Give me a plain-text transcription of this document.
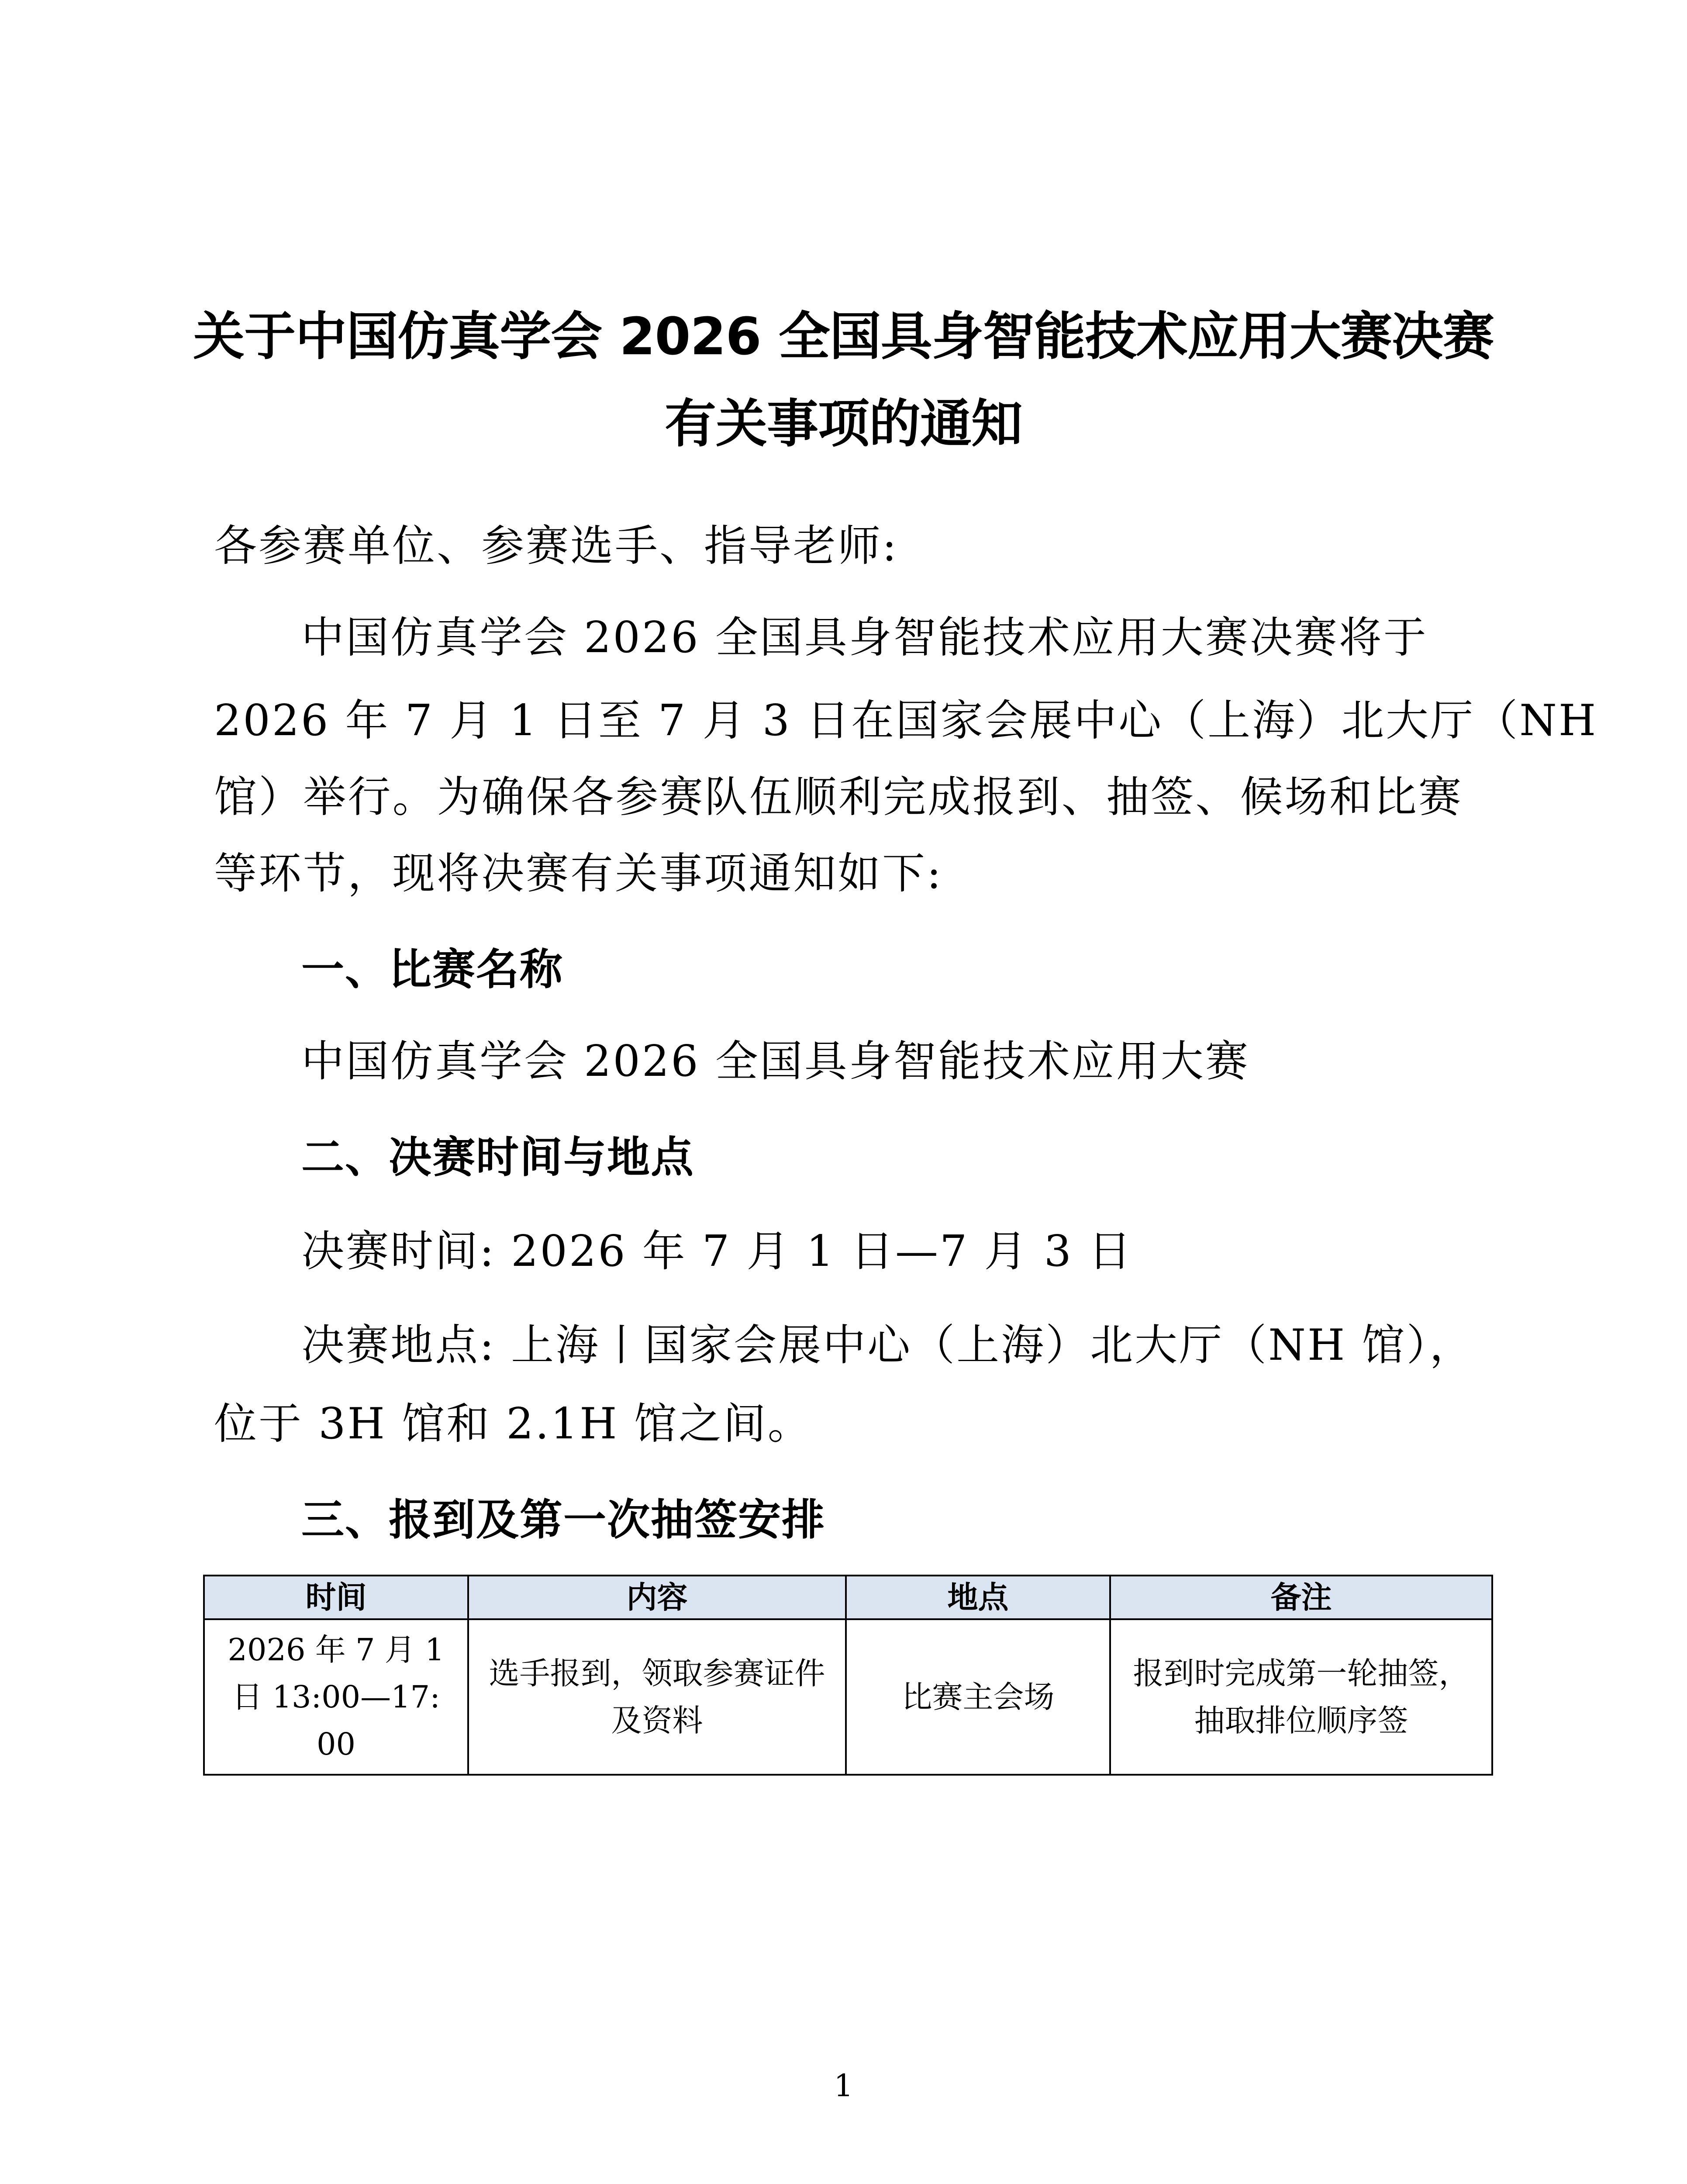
关于中国仿真学会 2026 全国具身智能技术应用大赛决赛
有关事项的通知
各参赛单位、参赛选手、指导老师:
中国仿真学会 2026 全国具身智能技术应用大赛决赛将于
2026 年 7 月 1 日至 7 月 3 日在国家会展中心（上海）北大厅（NH
馆）举行。为确保各参赛队伍顺利完成报到、抽签、候场和比赛
等环节，现将决赛有关事项通知如下:
一、比赛名称
中国仿真学会 2026 全国具身智能技术应用大赛
二、决赛时间与地点
决赛时间: 2026 年 7 月 1 日—7 月 3 日
决赛地点: 上海丨国家会展中心（上海）北大厅（NH 馆），
位于 3H 馆和 2.1H 馆之间。
三、报到及第一次抽签安排
时间	内容	地点	备注
2026 年 7 月 1 日 13:00—17:00	选手报到，领取参赛证件及资料	比赛主会场	报到时完成第一轮抽签，抽取排位顺序签
1
